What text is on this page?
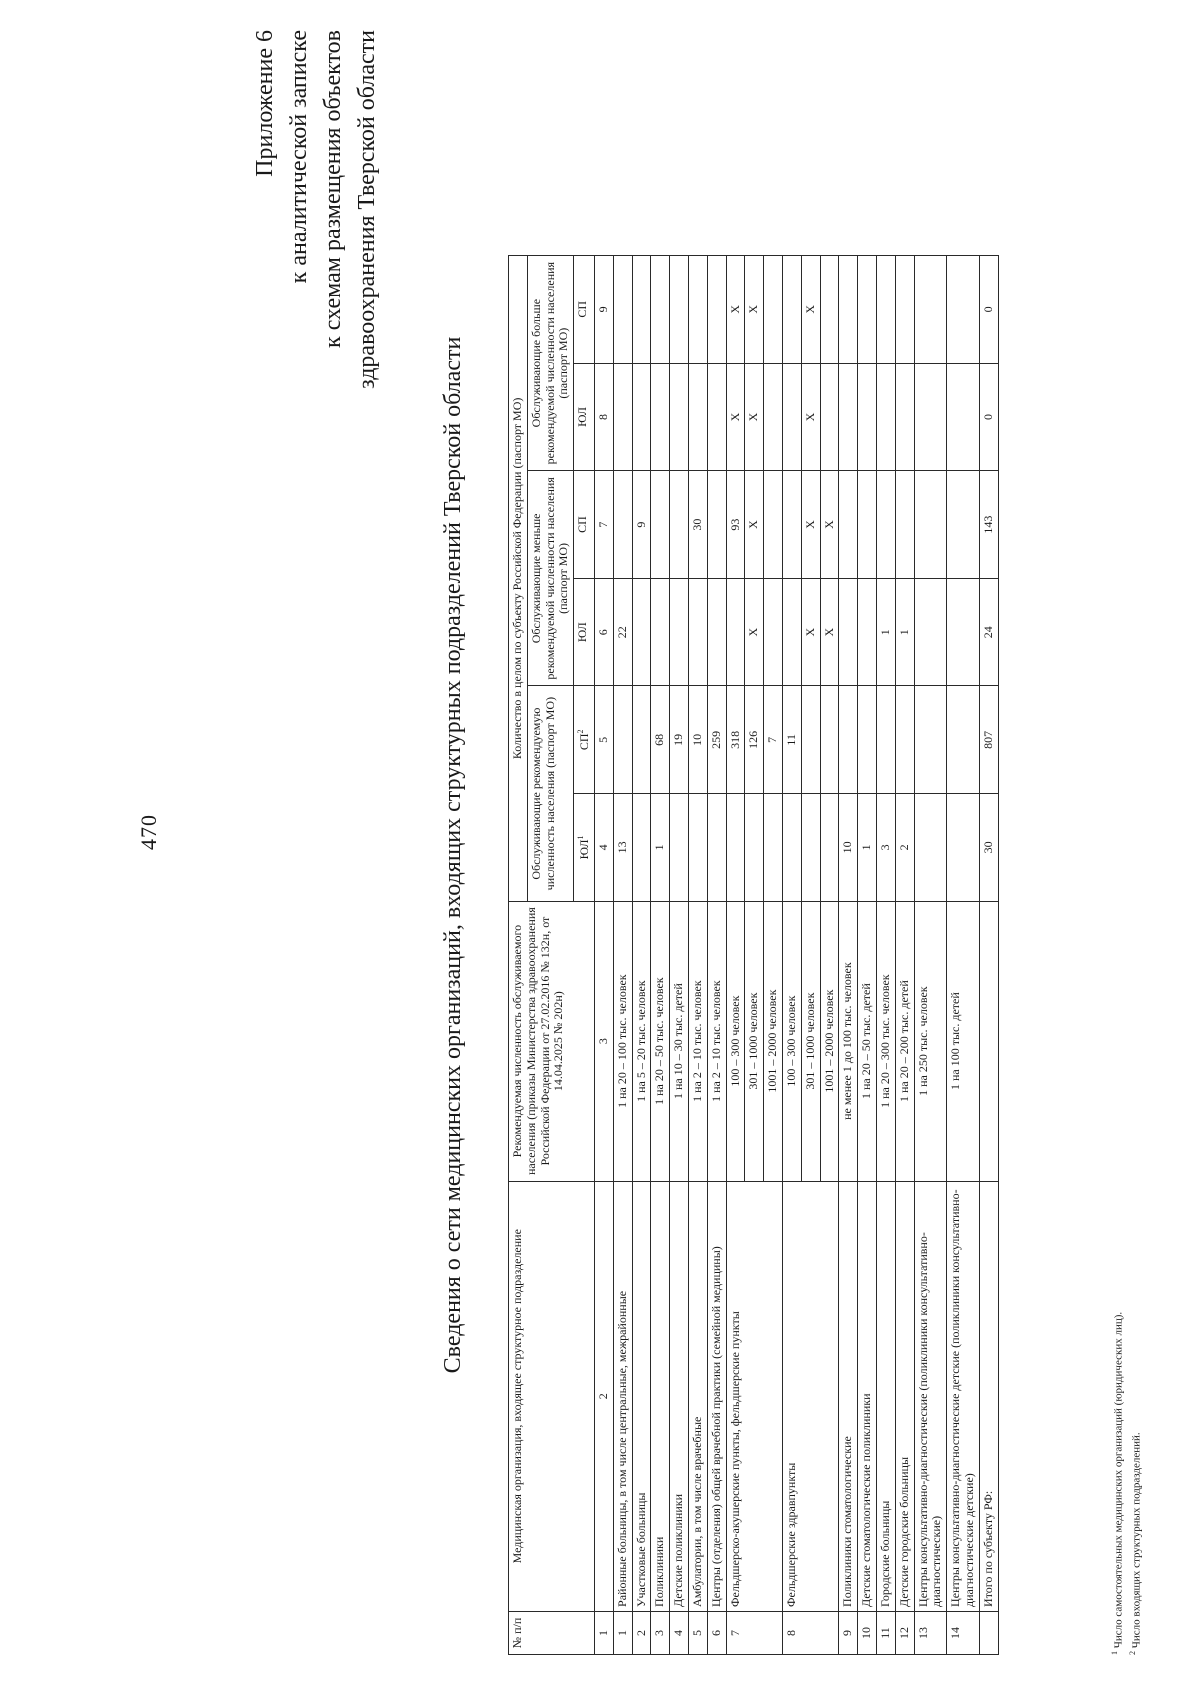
470
Приложение 6 к аналитической записке к схемам размещения объектов здравоохранения Тверской области
Сведения о сети медицинских организаций, входящих структурных подразделений Тверской области
№ п/п	Медицинская организация, входящее структурное подразделение	Рекомендуемая численность обслуживаемого населения (приказы Министерства здравоохранения Российской Федерации от 27.02.2016 № 132н, от 14.04.2025 № 202н)	Количество в целом по субъекту Российской Федерации (паспорт МО)					
			Обслуживающие рекомендуемую численность населения (паспорт МО)		Обслуживающие меньше рекомендуемой численности населения (паспорт МО)		Обслуживающие больше рекомендуемой численности населения (паспорт МО)	
			$ЮЛ^1$	$СП^2$	ЮЛ	СП	ЮЛ	СП
1	2	3	4	5	6	7	8	9
1	Районные больницы, в том числе центральные, межрайонные	1 на 20 – 100 тыс. человек	13		22			
2	Участковые больницы	1 на 5 – 20 тыс. человек				9		
3	Поликлиники	1 на 20 – 50 тыс. человек	1	68				
4	Детские поликлиники	1 на 10 – 30 тыс. детей		19				
5	Амбулатории, в том числе врачебные	1 на 2 – 10 тыс. человек		10		30		
6	Центры (отделения) общей врачебной практики (семейной медицины)	1 на 2 – 10 тыс. человек		259				
7	Фельдшерско-акушерские пункты, фельдшерские пункты	100 – 300 человек		318		93	Х	Х
		301 – 1000 человек		126	Х	Х	Х	Х
		1001 – 2000 человек		7				
8	Фельдшерские здравпункты	100 – 300 человек		11				
		301 – 1000 человек			Х	Х	Х	Х
		1001 – 2000 человек			Х	Х		
9	Поликлиники стоматологические	не менее 1 до 100 тыс. человек	10					
10	Детские стоматологические поликлиники	1 на 20 – 50 тыс. детей	1					
11	Городские больницы	1 на 20 – 300 тыс. человек	3		1			
12	Детские городские больницы	1 на 20 – 200 тыс. детей	2		1			
13	Центры консультативно-диагностические (поликлиники консультативно-диагностические)	1 на 250 тыс. человек						
14	Центры консультативно-диагностические детские (поликлиники консультативно-диагностические детские)	1 на 100 тыс. детей						
	Итого по субъекту РФ:		30	807	24	143	0	0
$^1$ Число самостоятельных медицинских организаций (юридических лиц).
$^2$ Число входящих структурных подразделений.
